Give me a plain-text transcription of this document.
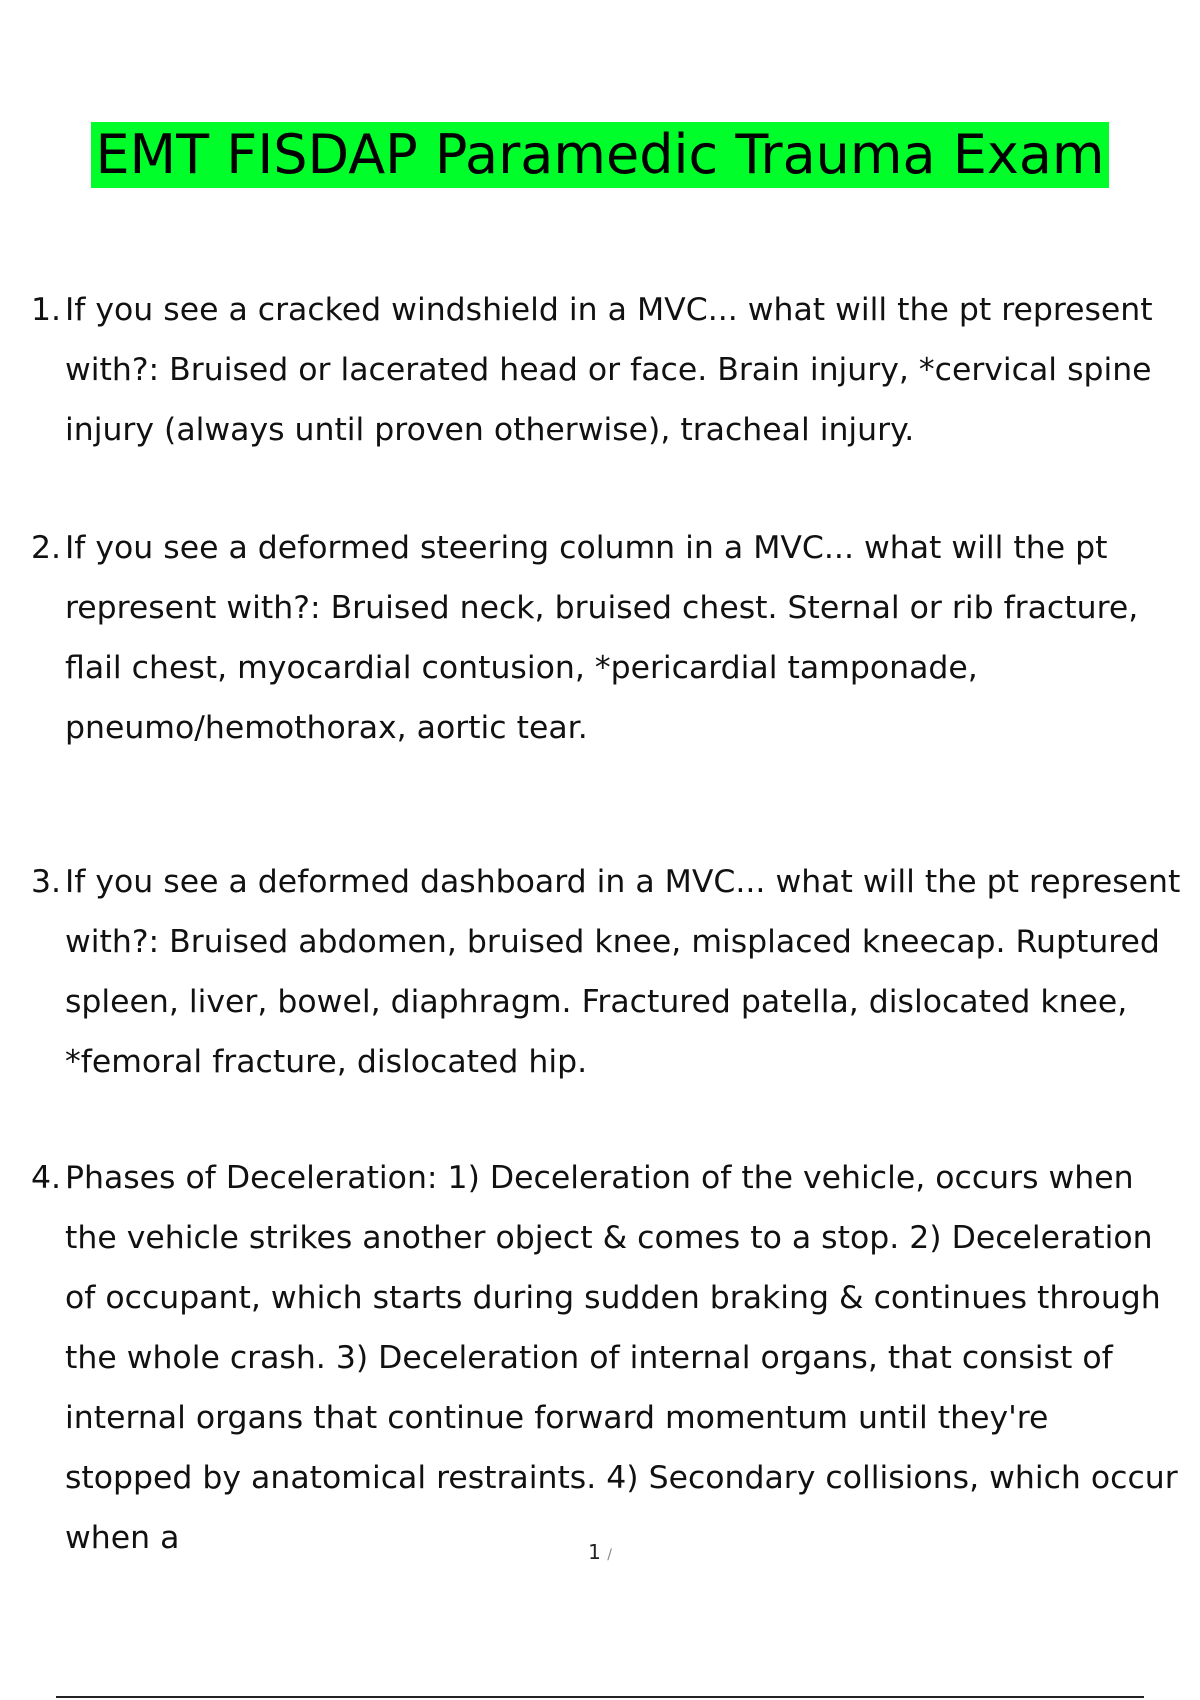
EMT FISDAP Paramedic Trauma Exam
1. If you see a cracked windshield in a MVC... what will the pt represent with?: Bruised or lacerated head or face. Brain injury, *cervical spine injury (always until proven otherwise), tracheal injury.
2. If you see a deformed steering column in a MVC... what will the pt represent with?: Bruised neck, bruised chest. Sternal or rib fracture, flail chest, myocardial contusion, *pericardial tamponade, pneumo/hemothorax, aortic tear.
3. If you see a deformed dashboard in a MVC... what will the pt represent with?: Bruised abdomen, bruised knee, misplaced kneecap. Ruptured spleen, liver, bowel, diaphragm. Fractured patella, dislocated knee, *femoral fracture, dislocated hip.
4. Phases of Deceleration: 1) Deceleration of the vehicle, occurs when the vehicle strikes another object & comes to a stop. 2) Deceleration of occupant, which starts during sudden braking & continues through the whole crash. 3) Deceleration of internal organs, that consist of internal organs that continue forward momentum until they're stopped by anatomical restraints. 4) Secondary collisions, which occur when a	1 /
